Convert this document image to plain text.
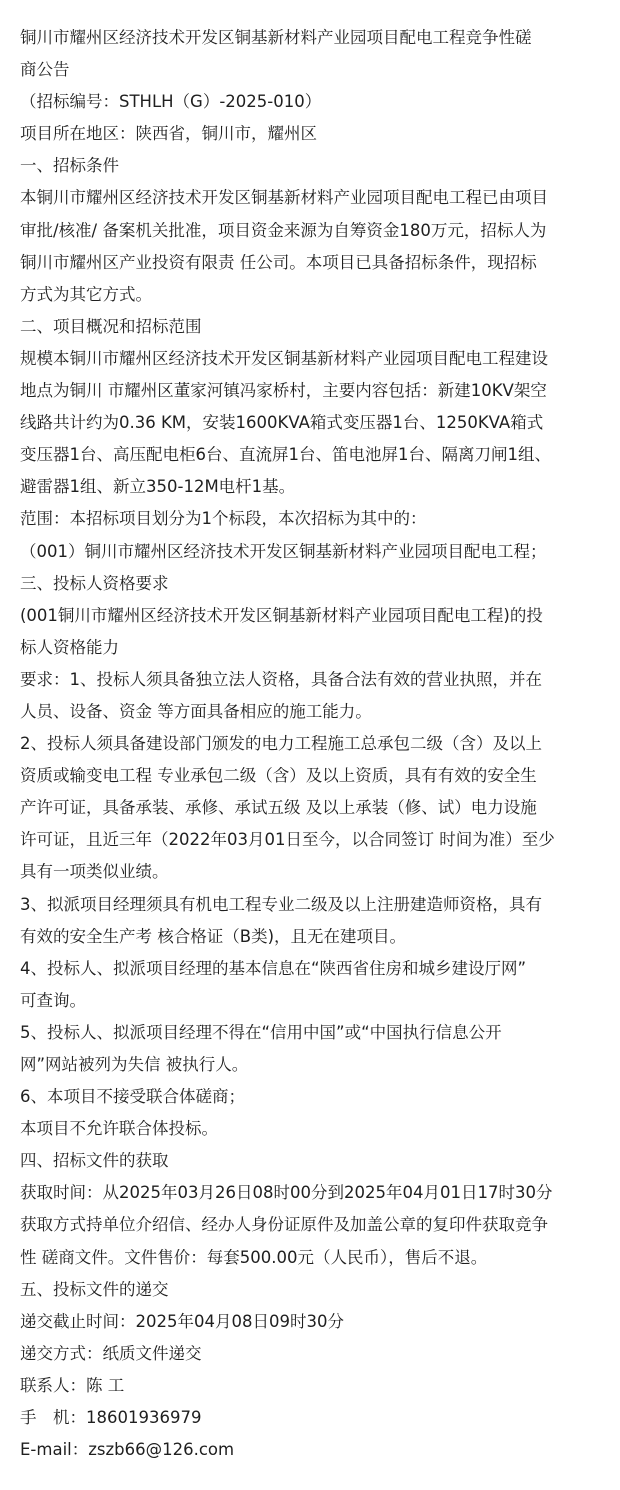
铜川市耀州区经济技术开发区铜基新材料产业园项目配电工程竞争性磋

商公告

（招标编号：STHLH（G）-2025-010）

项目所在地区：陕西省，铜川市，耀州区

一、招标条件

本铜川市耀州区经济技术开发区铜基新材料产业园项目配电工程已由项目

审批/核准/ 备案机关批准，项目资金来源为自筹资金180万元，招标人为

铜川市耀州区产业投资有限责 任公司。本项目已具备招标条件，现招标

方式为其它方式。

二、项目概况和招标范围

规模本铜川市耀州区经济技术开发区铜基新材料产业园项目配电工程建设

地点为铜川 市耀州区董家河镇冯家桥村，主要内容包括：新建10KV架空

线路共计约为0.36 KM，安装1600KVA箱式变压器1台、1250KVA箱式

变压器1台、高压配电柜6台、直流屏1台、笛电池屏1台、隔离刀闸1组、

避雷器1组、新立350-12M电杆1基。

范围：本招标项目划分为1个标段，本次招标为其中的：

（001）铜川市耀州区经济技术开发区铜基新材料产业园项目配电工程；

三、投标人资格要求

(001铜川市耀州区经济技术开发区铜基新材料产业园项目配电工程)的投

标人资格能力

要求：1、投标人须具备独立法人资格，具备合法有效的营业执照，并在

人员、设备、资金 等方面具备相应的施工能力。

2、投标人须具备建设部门颁发的电力工程施工总承包二级（含）及以上

资质或输变电工程 专业承包二级（含）及以上资质，具有有效的安全生

产许可证，具备承装、承修、承试五级 及以上承装（修、试）电力设施

许可证，且近三年（2022年03月01日至今，以合同签订 时间为准）至少

具有一项类似业绩。

3、拟派项目经理须具有机电工程专业二级及以上注册建造师资格，具有

有效的安全生产考 核合格证（B类)，且无在建项目。

4、投标人、拟派项目经理的基本信息在“陕西省住房和城乡建设厅网”

可查询。

5、投标人、拟派项目经理不得在“信用中国”或“中国执行信息公开

网”网站被列为失信 被执行人。

6、本项目不接受联合体磋商；

本项目不允许联合体投标。

四、招标文件的获取

获取时间：从2025年03月26日08时00分到2025年04月01日17时30分

获取方式持单位介绍信、经办人身份证原件及加盖公章的复印件获取竞争

性 磋商文件。文件售价：每套500.00元（人民币），售后不退。

五、投标文件的递交

递交截止时间：2025年04月08日09时30分

递交方式：纸质文件递交

联系人：陈 工

手　机：18601936979

E-mail：zszb66@126.com
